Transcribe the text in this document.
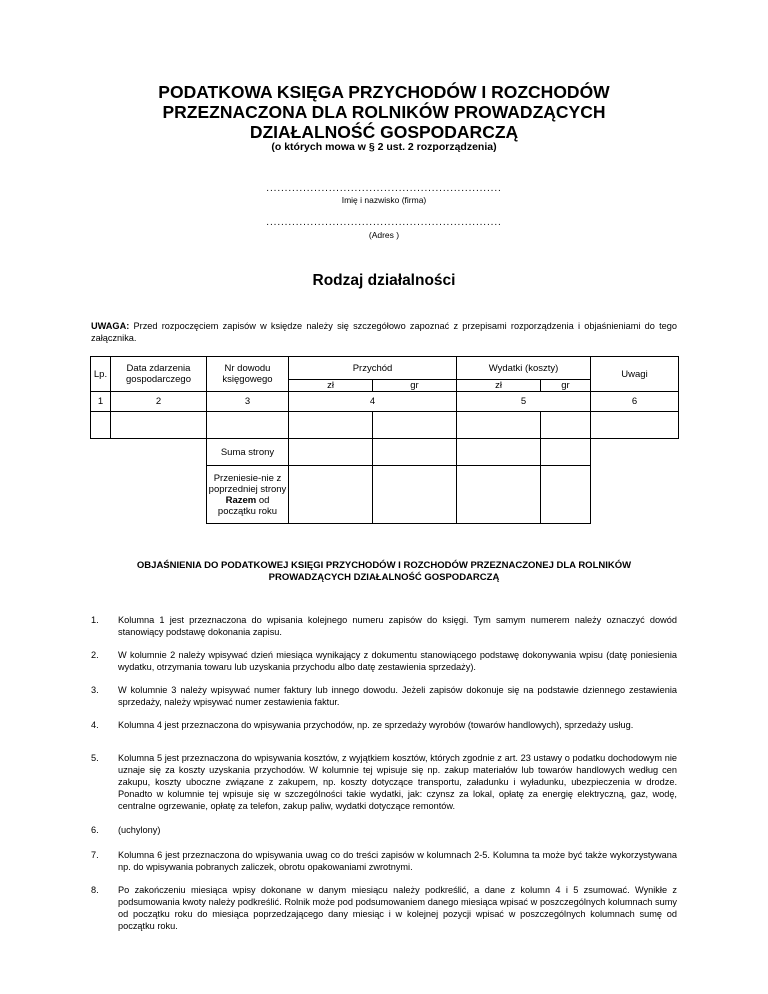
PODATKOWA KSIĘGA PRZYCHODÓW I ROZCHODÓW
PRZEZNACZONA DLA ROLNIKÓW PROWADZĄCYCH
DZIAŁALNOŚĆ GOSPODARCZĄ
(o których mowa w § 2 ust. 2 rozporządzenia)
................................................................
Imię i nazwisko (firma)
................................................................
(Adres )
Rodzaj działalności
UWAGA: Przed rozpoczęciem zapisów w księdze należy się szczegółowo zapoznać z przepisami rozporządzenia i objaśnieniami do tego załącznika.
Lp.	Data zdarzenia gospodarczego	Nr dowodu księgowego	Przychód		Wydatki (koszty)		Uwagi
			zł	gr	zł	gr	
1	2	3	4		5		6

		Suma strony					

		Przeniesie-nie z poprzedniej strony
Razem od początku roku					

OBJAŚNIENIA DO PODATKOWEJ KSIĘGI PRZYCHODÓW I ROZCHODÓW PRZEZNACZONEJ DLA ROLNIKÓW PROWADZĄCYCH DZIAŁALNOŚĆ GOSPODARCZĄ
1.	Kolumna 1 jest przeznaczona do wpisania kolejnego numeru zapisów do księgi. Tym samym numerem należy oznaczyć dowód stanowiący podstawę dokonania zapisu.
2.	W kolumnie 2 należy wpisywać dzień miesiąca wynikający z dokumentu stanowiącego podstawę dokonywania wpisu (datę poniesienia wydatku, otrzymania towaru lub uzyskania przychodu albo datę zestawienia sprzedaży).
3.	W kolumnie 3 należy wpisywać numer faktury lub innego dowodu. Jeżeli zapisów dokonuje się na podstawie dziennego zestawienia sprzedaży, należy wpisywać numer zestawienia faktur.
4.	Kolumna 4 jest przeznaczona do wpisywania przychodów, np. ze sprzedaży wyrobów (towarów handlowych), sprzedaży usług.
5.	Kolumna 5 jest przeznaczona do wpisywania kosztów, z wyjątkiem kosztów, których zgodnie z art. 23 ustawy o podatku dochodowym nie uznaje się za koszty uzyskania przychodów. W kolumnie tej wpisuje się np. zakup materiałów lub towarów handlowych według cen zakupu, koszty uboczne związane z zakupem, np. koszty dotyczące transportu, załadunku i wyładunku, ubezpieczenia w drodze. Ponadto w kolumnie tej wpisuje się w szczególności takie wydatki, jak: czynsz za lokal, opłatę za energię elektryczną, gaz, wodę, centralne ogrzewanie, opłatę za telefon, zakup paliw, wydatki dotyczące remontów.
6.	(uchylony)
7.	Kolumna 6 jest przeznaczona do wpisywania uwag co do treści zapisów w kolumnach 2-5. Kolumna ta może być także wykorzystywana np. do wpisywania pobranych zaliczek, obrotu opakowaniami zwrotnymi.
8.	Po zakończeniu miesiąca wpisy dokonane w danym miesiącu należy podkreślić, a dane z kolumn 4 i 5 zsumować. Wynikłe z podsumowania kwoty należy podkreślić. Rolnik może pod podsumowaniem danego miesiąca wpisać w poszczególnych kolumnach sumy od początku roku do miesiąca poprzedzającego dany miesiąc i w kolejnej pozycji wpisać w poszczególnych kolumnach sumę od początku roku.
